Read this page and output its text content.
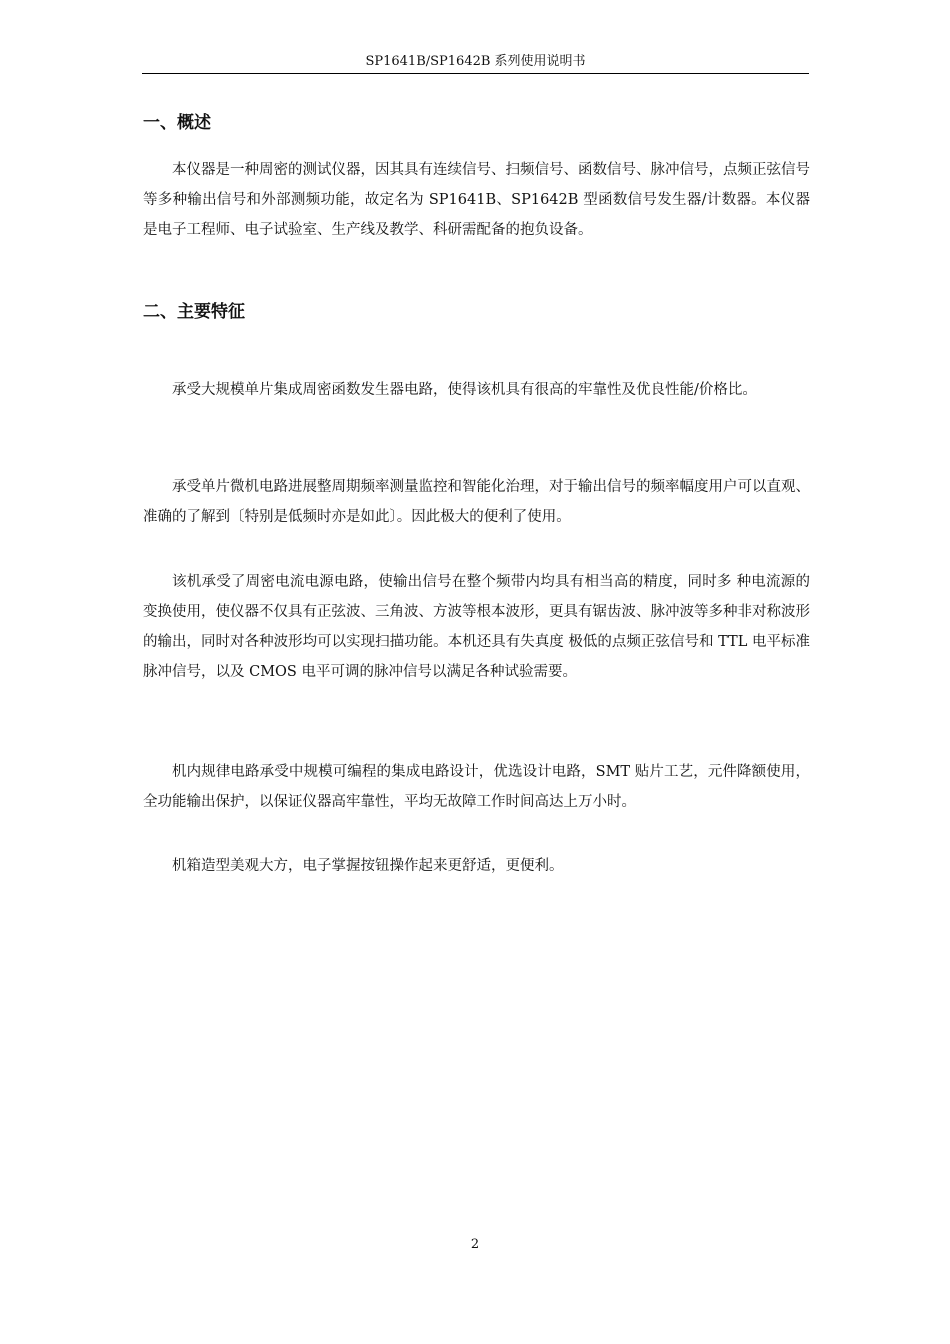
SP1641B/SP1642B 系列使用说明书
一、概述

本仪器是一种周密的测试仪器，因其具有连续信号、扫频信号、函数信号、脉冲信号，点频正弦信号等多种输出信号和外部测频功能，故定名为 SP1641B、SP1642B 型函数信号发生器/计数器。本仪器是电子工程师、电子试验室、生产线及教学、科研需配备的抱负设备。

二、主要特征

承受大规模单片集成周密函数发生器电路，使得该机具有很高的牢靠性及优良性能/价格比。

承受单片微机电路进展整周期频率测量监控和智能化治理，对于输出信号的频率幅度用户可以直观、准确的了解到〔特别是低频时亦是如此〕。因此极大的便利了使用。

该机承受了周密电流电源电路，使输出信号在整个频带内均具有相当高的精度，同时多 种电流源的变换使用，使仪器不仅具有正弦波、三角波、方波等根本波形，更具有锯齿波、脉冲波等多种非对称波形的输出，同时对各种波形均可以实现扫描功能。本机还具有失真度 极低的点频正弦信号和 TTL 电平标准脉冲信号，以及 CMOS 电平可调的脉冲信号以满足各种试验需要。

机内规律电路承受中规模可编程的集成电路设计，优选设计电路，SMT 贴片工艺，元件降额使用，全功能输出保护，以保证仪器高牢靠性，平均无故障工作时间高达上万小时。

机箱造型美观大方，电子掌握按钮操作起来更舒适，更便利。

2
